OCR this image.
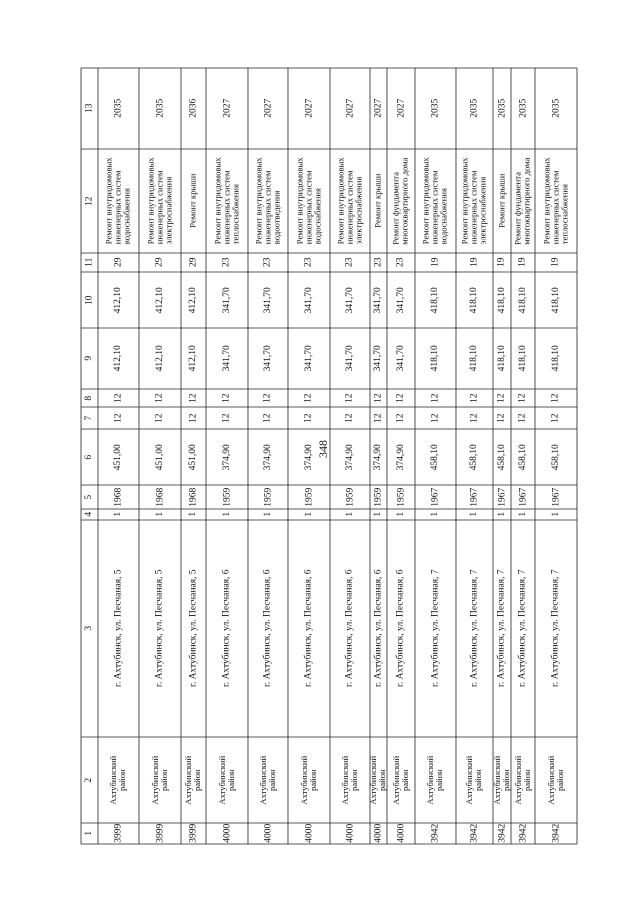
348
1
2
3
4
5
6
7
8
9
10
11
12
13
3999
Ахтубинский
район
г. Ахтубинск, ул. Песчаная, 5
1
1968
451,00
12
12
412,10
412,10
29
Ремонт внутридомовых
инженерных систем
водоснабжения
2035
3999
Ахтубинский
район
г. Ахтубинск, ул. Песчаная, 5
1
1968
451,00
12
12
412,10
412,10
29
Ремонт внутридомовых
инженерных систем
электроснабжения
2035
3999
Ахтубинский
район
г. Ахтубинск, ул. Песчаная, 5
1
1968
451,00
12
12
412,10
412,10
29
Ремонт крыши
2036
4000
Ахтубинский
район
г. Ахтубинск, ул. Песчаная, 6
1
1959
374,90
12
12
341,70
341,70
23
Ремонт внутридомовых
инженерных систем
теплоснабжения
2027
4000
Ахтубинский
район
г. Ахтубинск, ул. Песчаная, 6
1
1959
374,90
12
12
341,70
341,70
23
Ремонт внутридомовых
инженерных систем
водоотведения
2027
4000
Ахтубинский
район
г. Ахтубинск, ул. Песчаная, 6
1
1959
374,90
12
12
341,70
341,70
23
Ремонт внутридомовых
инженерных систем
водоснабжения
2027
4000
Ахтубинский
район
г. Ахтубинск, ул. Песчаная, 6
1
1959
374,90
12
12
341,70
341,70
23
Ремонт внутридомовых
инженерных систем
электроснабжения
2027
4000
Ахтубинский
район
г. Ахтубинск, ул. Песчаная, 6
1
1959
374,90
12
12
341,70
341,70
23
Ремонт крыши
2027
4000
Ахтубинский
район
г. Ахтубинск, ул. Песчаная, 6
1
1959
374,90
12
12
341,70
341,70
23
Ремонт фундамента
многоквартирного дома
2027
3942
Ахтубинский
район
г. Ахтубинск, ул. Песчаная, 7
1
1967
458,10
12
12
418,10
418,10
19
Ремонт внутридомовых
инженерных систем
водоснабжения
2035
3942
Ахтубинский
район
г. Ахтубинск, ул. Песчаная, 7
1
1967
458,10
12
12
418,10
418,10
19
Ремонт внутридомовых
инженерных систем
электроснабжения
2035
3942
Ахтубинский
район
г. Ахтубинск, ул. Песчаная, 7
1
1967
458,10
12
12
418,10
418,10
19
Ремонт крыши
2035
3942
Ахтубинский
район
г. Ахтубинск, ул. Песчаная, 7
1
1967
458,10
12
12
418,10
418,10
19
Ремонт фундамента
многоквартирного дома
2035
3942
Ахтубинский
район
г. Ахтубинск, ул. Песчаная, 7
1
1967
458,10
12
12
418,10
418,10
19
Ремонт внутридомовых
инженерных систем
теплоснабжения
2035
